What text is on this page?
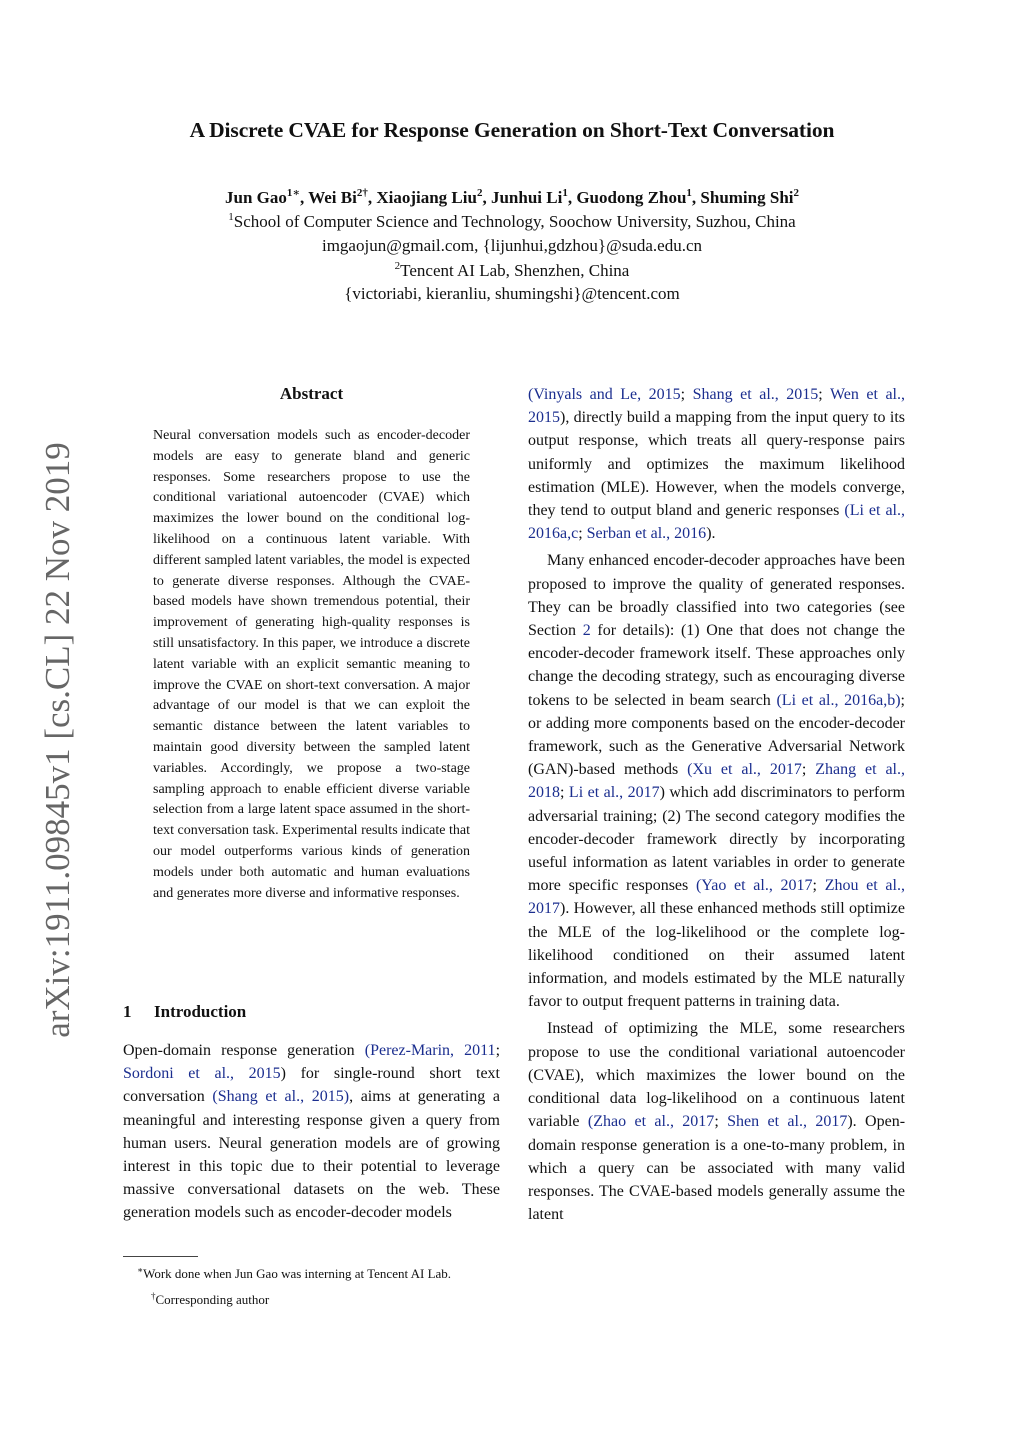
A Discrete CVAE for Response Generation on Short-Text Conversation
Jun Gao$^{1∗}$, Wei $Bi^{2\dagger}$, Xiaojiang Liu$^2$, Junhui Li$^1$, Guodong Zhou$^1$, Shuming Shi$^2$
$^1$School of Computer Science and Technology, Soochow University, Suzhou, China
imgaojun@gmail.com, {lijunhui,gdzhou}@suda.edu.cn
$^2$Tencent AI Lab, Shenzhen, China
{victoriabi, kieranliu, shumingshi}@tencent.com
arXiv:1911.09845v1 [cs.CL] 22 Nov 2019
Abstract
Neural conversation models such as encoder-decoder models are easy to generate bland and generic responses. Some researchers propose to use the conditional variational autoencoder (CVAE) which maximizes the lower bound on the conditional log-likelihood on a continuous latent variable. With different sampled latent variables, the model is expected to generate diverse responses. Although the CVAE-based models have shown tremendous potential, their improvement of generating high-quality responses is still unsatisfactory. In this paper, we introduce a discrete latent variable with an explicit semantic meaning to improve the CVAE on short-text conversation. A major advantage of our model is that we can exploit the semantic distance between the latent variables to maintain good diversity between the sampled latent variables. Accordingly, we propose a two-stage sampling approach to enable efficient diverse variable selection from a large latent space assumed in the short-text conversation task. Experimental results indicate that our model outperforms various kinds of generation models under both automatic and human evaluations and generates more diverse and informative responses.
1 Introduction

Open-domain response generation (Perez-Marin, 2011; Sordoni et al., 2015) for single-round short text conversation (Shang et al., 2015), aims at generating a meaningful and interesting response given a query from human users. Neural generation models are of growing interest in this topic due to their potential to leverage massive conversational datasets on the web. These generation models such as encoder-decoder models

(Vinyals and Le, 2015; Shang et al., 2015; Wen et al., 2015), directly build a mapping from the input query to its output response, which treats all query-response pairs uniformly and optimizes the maximum likelihood estimation (MLE). However, when the models converge, they tend to output bland and generic responses (Li et al., 2016a,c; Serban et al., 2016).

Many enhanced encoder-decoder approaches have been proposed to improve the quality of generated responses. They can be broadly classified into two categories (see Section 2 for details): (1) One that does not change the encoder-decoder framework itself. These approaches only change the decoding strategy, such as encouraging diverse tokens to be selected in beam search (Li et al., 2016a,b); or adding more components based on the encoder-decoder framework, such as the Generative Adversarial Network (GAN)-based methods (Xu et al., 2017; Zhang et al., 2018; Li et al., 2017) which add discriminators to perform adversarial training; (2) The second category modifies the encoder-decoder framework directly by incorporating useful information as latent variables in order to generate more specific responses (Yao et al., 2017; Zhou et al., 2017). However, all these enhanced methods still optimize the MLE of the log-likelihood or the complete log-likelihood conditioned on their assumed latent information, and models estimated by the MLE naturally favor to output frequent patterns in training data.

Instead of optimizing the MLE, some researchers propose to use the conditional variational autoencoder (CVAE), which maximizes the lower bound on the conditional data log-likelihood on a continuous latent variable (Zhao et al., 2017; Shen et al., 2017). Open-domain response generation is a one-to-many problem, in which a query can be associated with many valid responses. The CVAE-based models generally assume the latent

∗Work done when Jun Gao was interning at Tencent AI Lab.

†Corresponding author
